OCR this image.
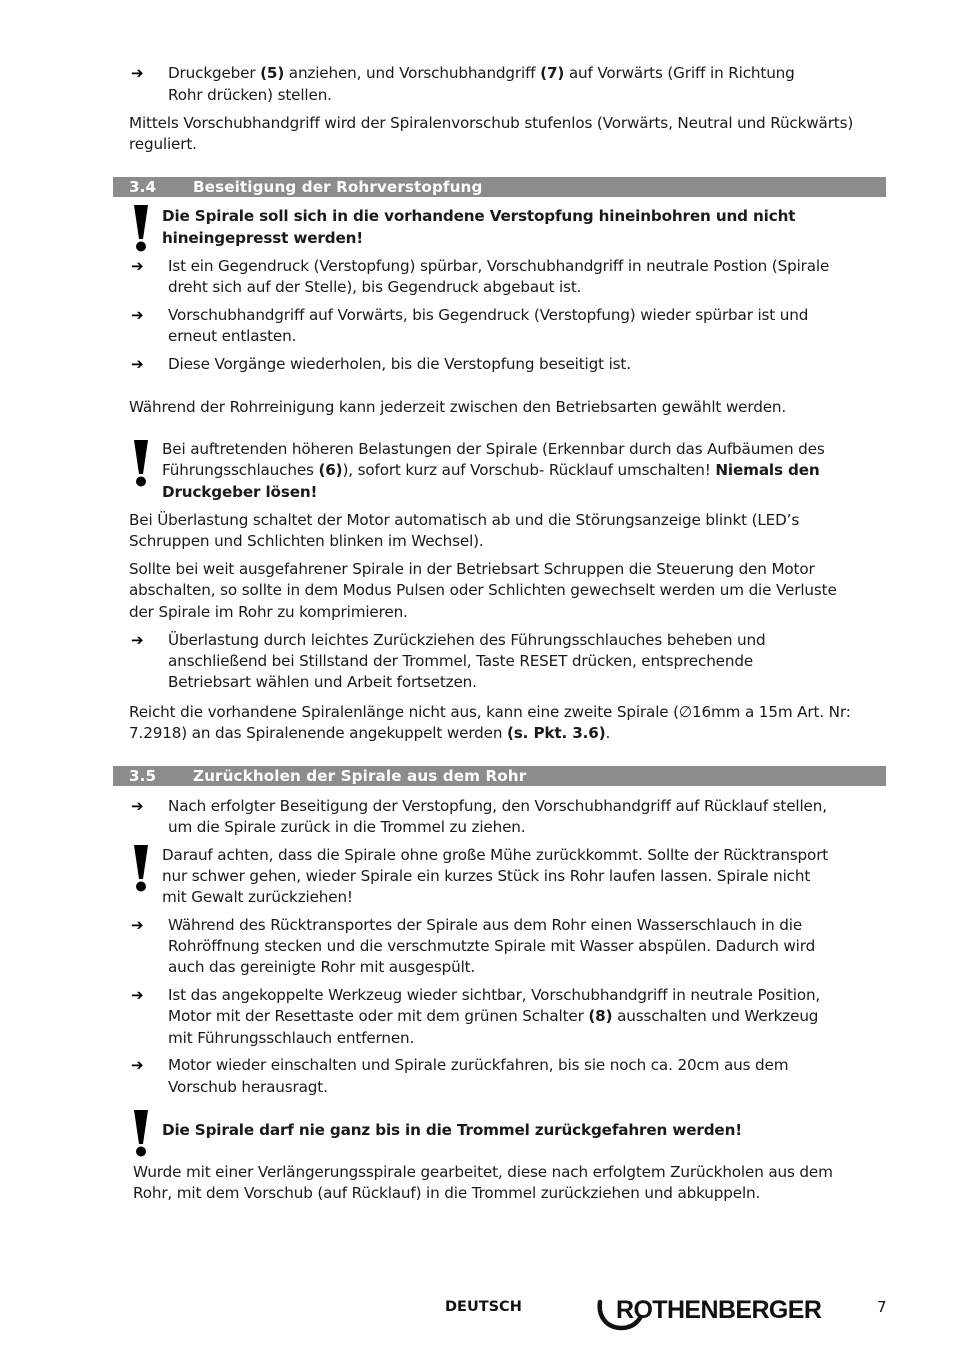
➔ Druckgeber (5) anziehen, und Vorschubhandgriff (7) auf Vorwärts (Griff in Richtung
Rohr drücken) stellen.
Mittels Vorschubhandgriff wird der Spiralenvorschub stufenlos (Vorwärts, Neutral und Rückwärts)
reguliert.
3.4 Beseitigung der Rohrverstopfung
Die Spirale soll sich in die vorhandene Verstopfung hineinbohren und nicht
hineingepresst werden!
➔ Ist ein Gegendruck (Verstopfung) spürbar, Vorschubhandgriff in neutrale Postion (Spirale
dreht sich auf der Stelle), bis Gegendruck abgebaut ist.
➔ Vorschubhandgriff auf Vorwärts, bis Gegendruck (Verstopfung) wieder spürbar ist und
erneut entlasten.
➔ Diese Vorgänge wiederholen, bis die Verstopfung beseitigt ist.
Während der Rohrreinigung kann jederzeit zwischen den Betriebsarten gewählt werden.
Bei auftretenden höheren Belastungen der Spirale (Erkennbar durch das Aufbäumen des
Führungsschlauches (6)), sofort kurz auf Vorschub- Rücklauf umschalten! Niemals den
Druckgeber lösen!
Bei Überlastung schaltet der Motor automatisch ab und die Störungsanzeige blinkt (LED’s
Schruppen und Schlichten blinken im Wechsel).
Sollte bei weit ausgefahrener Spirale in der Betriebsart Schruppen die Steuerung den Motor
abschalten, so sollte in dem Modus Pulsen oder Schlichten gewechselt werden um die Verluste
der Spirale im Rohr zu komprimieren.
➔ Überlastung durch leichtes Zurückziehen des Führungsschlauches beheben und
anschließend bei Stillstand der Trommel, Taste RESET drücken, entsprechende
Betriebsart wählen und Arbeit fortsetzen.
Reicht die vorhandene Spiralenlänge nicht aus, kann eine zweite Spirale (∅16mm a 15m Art. Nr:
7.2918) an das Spiralenende angekuppelt werden (s. Pkt. 3.6).
3.5 Zurückholen der Spirale aus dem Rohr
➔ Nach erfolgter Beseitigung der Verstopfung, den Vorschubhandgriff auf Rücklauf stellen,
um die Spirale zurück in die Trommel zu ziehen.
Darauf achten, dass die Spirale ohne große Mühe zurückkommt. Sollte der Rücktransport
nur schwer gehen, wieder Spirale ein kurzes Stück ins Rohr laufen lassen. Spirale nicht
mit Gewalt zurückziehen!
➔ Während des Rücktransportes der Spirale aus dem Rohr einen Wasserschlauch in die
Rohröffnung stecken und die verschmutzte Spirale mit Wasser abspülen. Dadurch wird
auch das gereinigte Rohr mit ausgespült.
➔ Ist das angekoppelte Werkzeug wieder sichtbar, Vorschubhandgriff in neutrale Position,
Motor mit der Resettaste oder mit dem grünen Schalter (8) ausschalten und Werkzeug
mit Führungsschlauch entfernen.
➔ Motor wieder einschalten und Spirale zurückfahren, bis sie noch ca. 20cm aus dem
Vorschub herausragt.
Die Spirale darf nie ganz bis in die Trommel zurückgefahren werden!
Wurde mit einer Verlängerungsspirale gearbeitet, diese nach erfolgtem Zurückholen aus dem
Rohr, mit dem Vorschub (auf Rücklauf) in die Trommel zurückziehen und abkuppeln.
DEUTSCH	ROTHENBERGER	7
